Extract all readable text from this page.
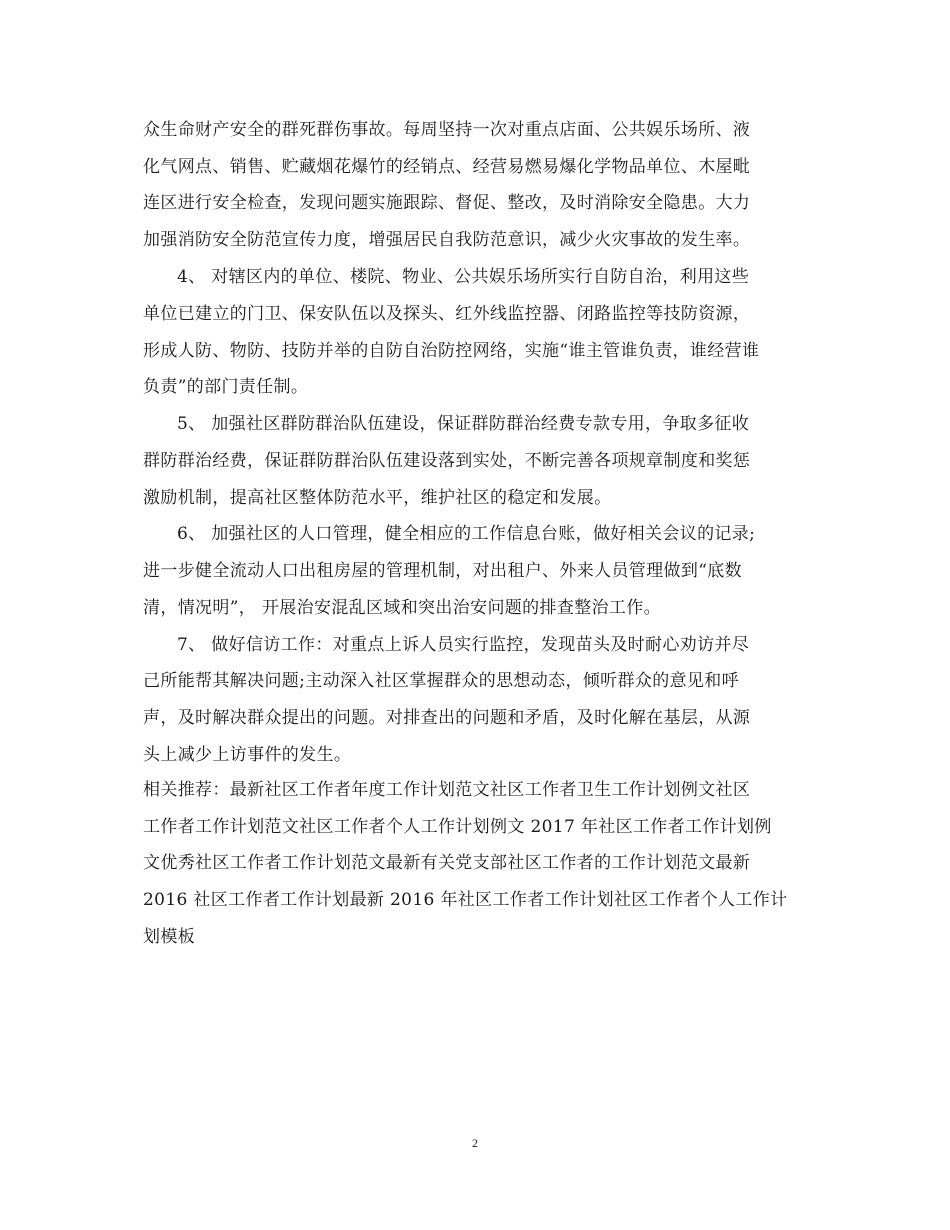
众生命财产安全的群死群伤事故。每周坚持一次对重点店面、公共娱乐场所、液
化气网点、销售、贮藏烟花爆竹的经销点、经营易燃易爆化学物品单位、木屋毗
连区进行安全检查，发现问题实施跟踪、督促、整改，及时消除安全隐患。大力
加强消防安全防范宣传力度，增强居民自我防范意识，减少火灾事故的发生率。
4、 对辖区内的单位、楼院、物业、公共娱乐场所实行自防自治，利用这些
单位已建立的门卫、保安队伍以及探头、红外线监控器、闭路监控等技防资源，
形成人防、物防、技防并举的自防自治防控网络，实施“谁主管谁负责，谁经营谁
负责”的部门责任制。
5、 加强社区群防群治队伍建设，保证群防群治经费专款专用，争取多征收
群防群治经费，保证群防群治队伍建设落到实处，不断完善各项规章制度和奖惩
激励机制，提高社区整体防范水平，维护社区的稳定和发展。
6、 加强社区的人口管理，健全相应的工作信息台账，做好相关会议的记录;
进一步健全流动人口出租房屋的管理机制，对出租户、外来人员管理做到“底数
清，情况明”， 开展治安混乱区域和突出治安问题的排查整治工作。
7、 做好信访工作：对重点上诉人员实行监控，发现苗头及时耐心劝访并尽
己所能帮其解决问题;主动深入社区掌握群众的思想动态，倾听群众的意见和呼
声，及时解决群众提出的问题。对排查出的问题和矛盾，及时化解在基层，从源
头上减少上访事件的发生。
相关推荐：最新社区工作者年度工作计划范文社区工作者卫生工作计划例文社区
工作者工作计划范文社区工作者个人工作计划例文 2017 年社区工作者工作计划例
文优秀社区工作者工作计划范文最新有关党支部社区工作者的工作计划范文最新
2016 社区工作者工作计划最新 2016 年社区工作者工作计划社区工作者个人工作计
划模板
2
